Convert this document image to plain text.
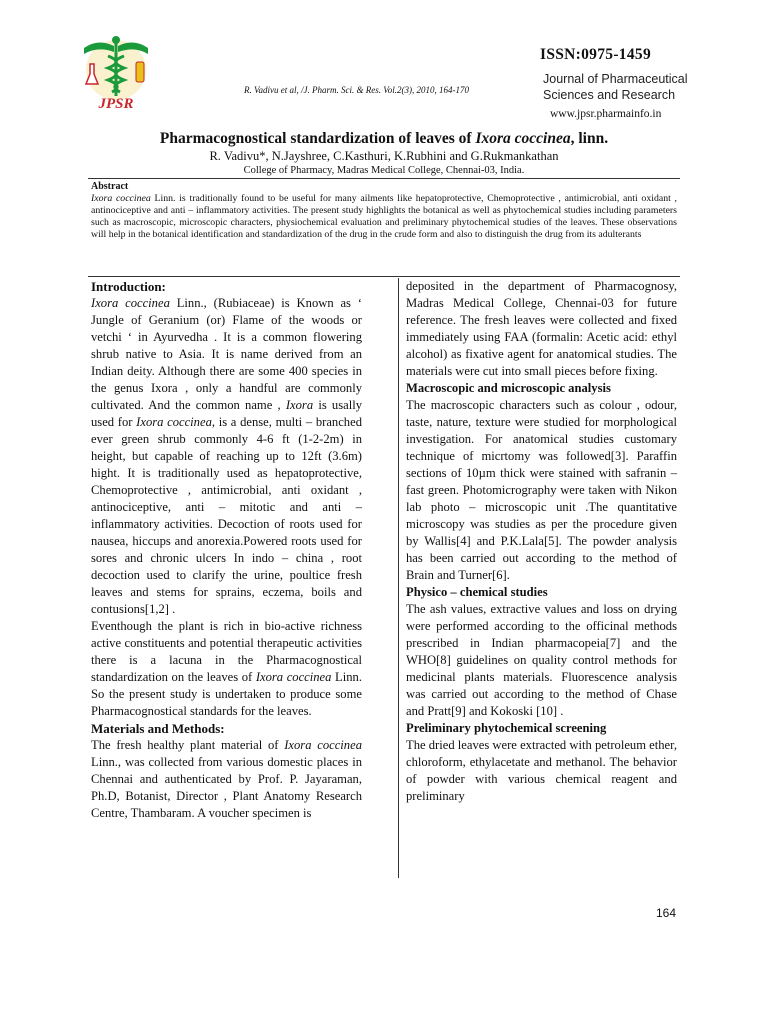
JPSR
R. Vadivu et al, /J. Pharm. Sci. & Res. Vol.2(3), 2010, 164-170
ISSN:0975-1459
Journal of Pharmaceutical
Sciences and Research
www.jpsr.pharmainfo.in
Pharmacognostical standardization of leaves of Ixora coccinea, linn.
R. Vadivu*, N.Jayshree, C.Kasthuri, K.Rubhini and G.Rukmankathan
College of Pharmacy, Madras Medical College, Chennai-03, India.
Abstract

Ixora coccinea Linn. is traditionally found to be useful for many ailments like hepatoprotective, Chemoprotective , antimicrobial, anti oxidant , antinociceptive and anti – inflammatory activities. The present study highlights the botanical as well as phytochemical studies including parameters such as macroscopic, microscopic characters, physiochemical evaluation and preliminary phytochemical studies of the leaves. These observations will help in the botanical identification and standardization of the drug in the crude form and also to distinguish the drug from its adulterants

Introduction:

Ixora coccinea Linn., (Rubiaceae) is Known as ‘ Jungle of Geranium (or) Flame of the woods or vetchi ‘ in Ayurvedha . It is a common flowering shrub native to Asia. It is name derived from an Indian deity. Although there are some 400 species in the genus Ixora , only a handful are commonly cultivated. And the common name , Ixora is usally used for Ixora coccinea, is a dense, multi – branched ever green shrub commonly 4-6 ft (1-2-2m) in height, but capable of reaching up to 12ft (3.6m) hight. It is traditionally used as hepatoprotective, Chemoprotective , antimicrobial, anti oxidant , antinociceptive, anti – mitotic and anti – inflammatory activities. Decoction of roots used for nausea, hiccups and anorexia.Powered roots used for sores and chronic ulcers In indo – china , root decoction used to clarify the urine, poultice fresh leaves and stems for sprains, eczema, boils and contusions[1,2] .

Eventhough the plant is rich in bio-active richness active constituents and potential therapeutic activities there is a lacuna in the Pharmacognostical standardization on the leaves of Ixora coccinea Linn. So the present study is undertaken to produce some Pharmacognostical standards for the leaves.

Materials and Methods:

The fresh healthy plant material of Ixora coccinea Linn., was collected from various domestic places in Chennai and authenticated by Prof. P. Jayaraman, Ph.D, Botanist, Director , Plant Anatomy Research Centre, Thambaram. A voucher specimen is

deposited in the department of Pharmacognosy, Madras Medical College, Chennai-03 for future reference. The fresh leaves were collected and fixed immediately using FAA (formalin: Acetic acid: ethyl alcohol) as fixative agent for anatomical studies. The materials were cut into small pieces before fixing.

Macroscopic and microscopic analysis

The macroscopic characters such as colour , odour, taste, nature, texture were studied for morphological investigation. For anatomical studies customary technique of micrtomy was followed[3]. Paraffin sections of 10µm thick were stained with safranin – fast green. Photomicrography were taken with Nikon lab photo – microscopic unit .The quantitative microscopy was studies as per the procedure given by Wallis[4] and P.K.Lala[5]. The powder analysis has been carried out according to the method of Brain and Turner[6].

Physico – chemical studies

The ash values, extractive values and loss on drying were performed according to the officinal methods prescribed in Indian pharmacopeia[7] and the WHO[8] guidelines on quality control methods for medicinal plants materials. Fluorescence analysis was carried out according to the method of Chase and Pratt[9] and Kokoski [10] .

Preliminary phytochemical screening

The dried leaves were extracted with petroleum ether, chloroform, ethylacetate and methanol. The behavior of powder with various chemical reagent and preliminary

164
